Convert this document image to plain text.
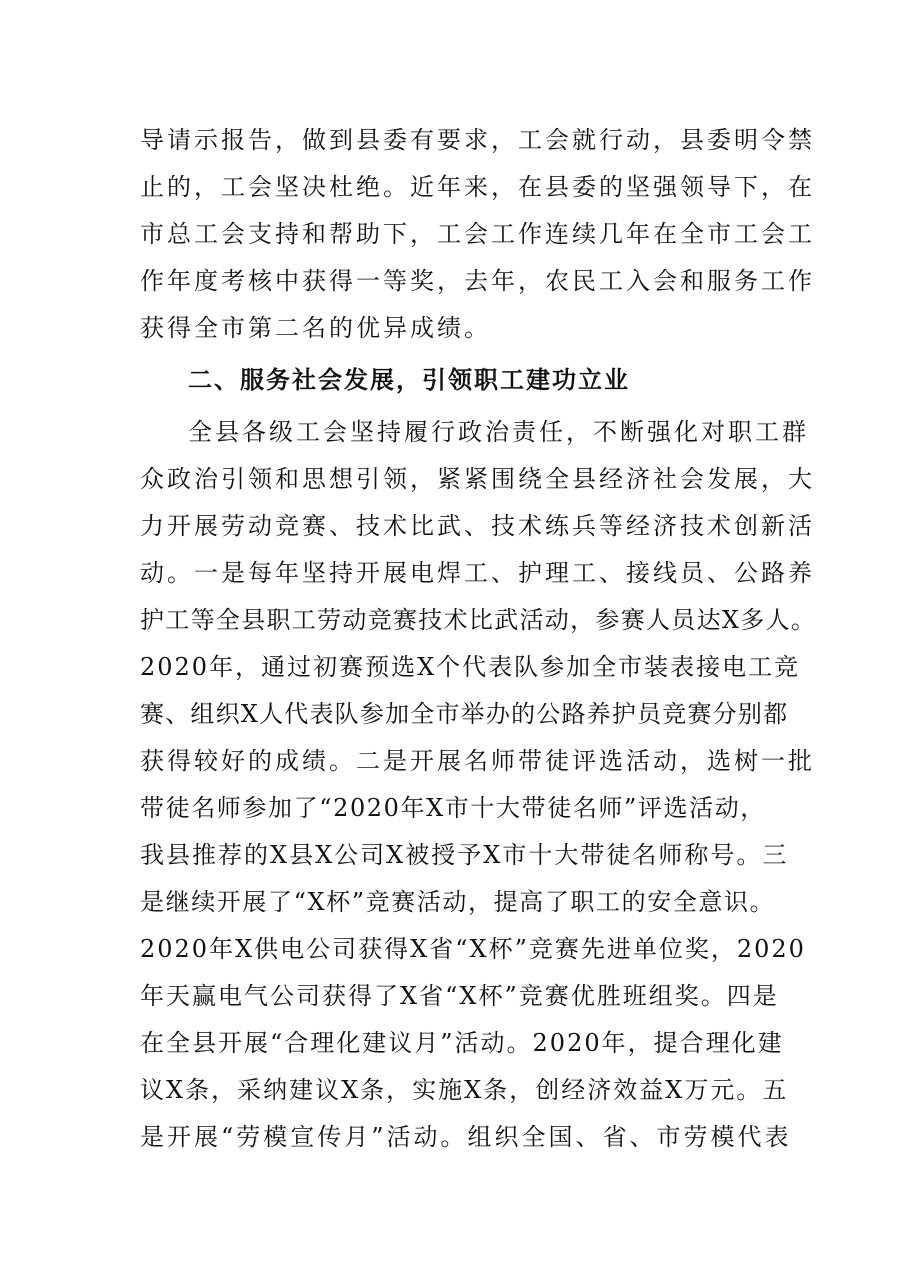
导请示报告，做到县委有要求，工会就行动，县委明令禁
止的，工会坚决杜绝。近年来，在县委的坚强领导下，在
市总工会支持和帮助下，工会工作连续几年在全市工会工
作年度考核中获得一等奖，去年，农民工入会和服务工作
获得全市第二名的优异成绩。
二、服务社会发展，引领职工建功立业
全县各级工会坚持履行政治责任，不断强化对职工群
众政治引领和思想引领，紧紧围绕全县经济社会发展，大
力开展劳动竞赛、技术比武、技术练兵等经济技术创新活
动。一是每年坚持开展电焊工、护理工、接线员、公路养
护工等全县职工劳动竞赛技术比武活动，参赛人员达X多人。
2020年，通过初赛预选X个代表队参加全市装表接电工竞
赛、组织X人代表队参加全市举办的公路养护员竞赛分别都
获得较好的成绩。二是开展名师带徒评选活动，选树一批
带徒名师参加了“2020年X市十大带徒名师”评选活动，
我县推荐的X县X公司X被授予X市十大带徒名师称号。三
是继续开展了“X杯”竞赛活动，提高了职工的安全意识。
2020年X供电公司获得X省“X杯”竞赛先进单位奖，2020
年天赢电气公司获得了X省“X杯”竞赛优胜班组奖。四是
在全县开展“合理化建议月”活动。2020年，提合理化建
议X条，采纳建议X条，实施X条，创经济效益X万元。五
是开展“劳模宣传月”活动。组织全国、省、市劳模代表
